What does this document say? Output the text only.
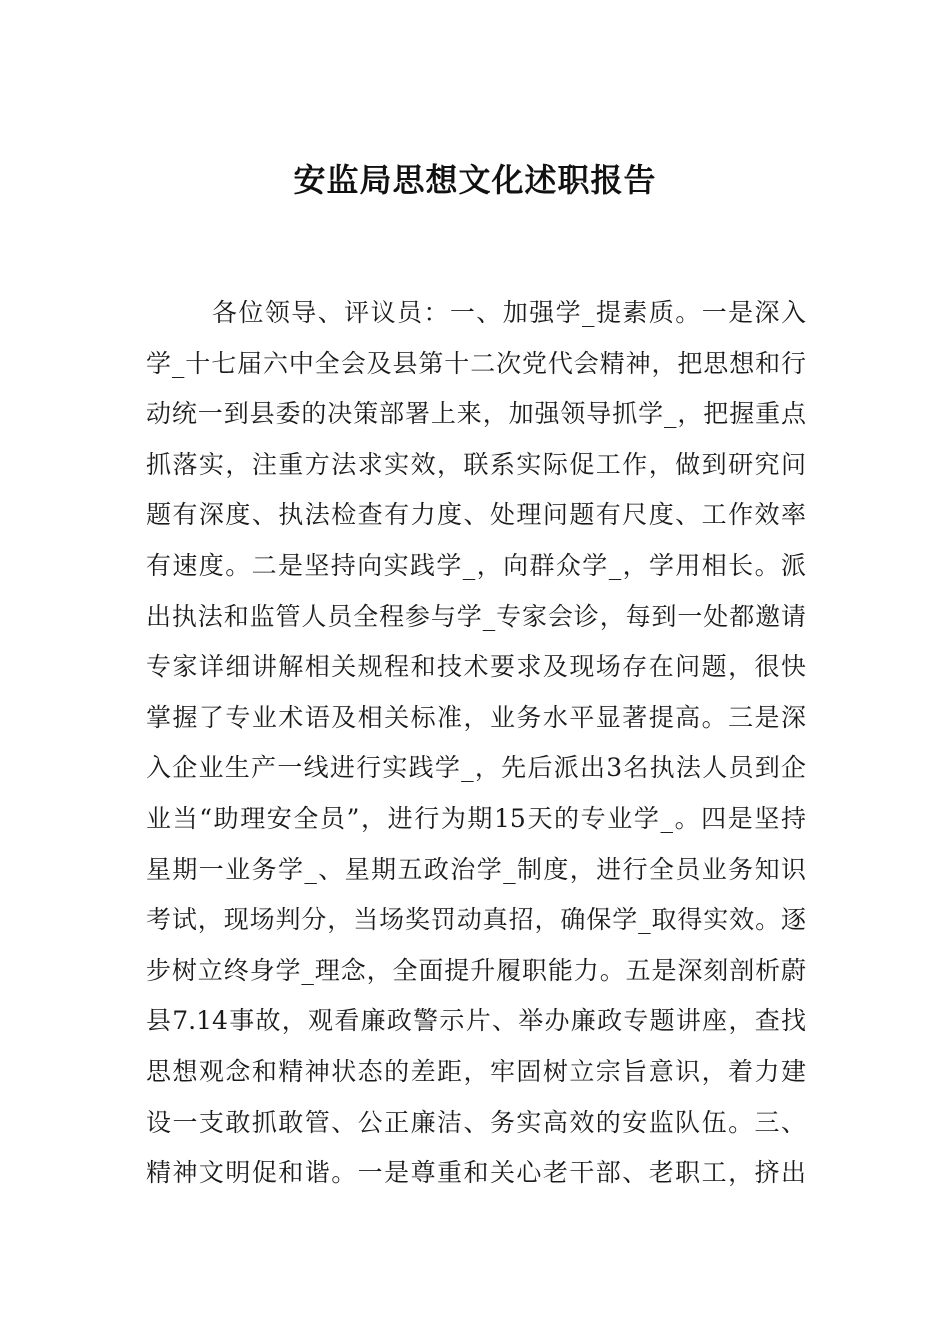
安监局思想文化述职报告
各位领导、评议员：一、加强学_提素质。一是深入
学_十七届六中全会及县第十二次党代会精神，把思想和行
动统一到县委的决策部署上来，加强领导抓学_，把握重点
抓落实，注重方法求实效，联系实际促工作，做到研究问
题有深度、执法检查有力度、处理问题有尺度、工作效率
有速度。二是坚持向实践学_，向群众学_，学用相长。派
出执法和监管人员全程参与学_专家会诊，每到一处都邀请
专家详细讲解相关规程和技术要求及现场存在问题，很快
掌握了专业术语及相关标准，业务水平显著提高。三是深
入企业生产一线进行实践学_，先后派出3名执法人员到企
业当“助理安全员”，进行为期15天的专业学_。四是坚持
星期一业务学_、星期五政治学_制度，进行全员业务知识
考试，现场判分，当场奖罚动真招，确保学_取得实效。逐
步树立终身学_理念，全面提升履职能力。五是深刻剖析蔚
县7.14事故，观看廉政警示片、举办廉政专题讲座，查找
思想观念和精神状态的差距，牢固树立宗旨意识，着力建
设一支敢抓敢管、公正廉洁、务实高效的安监队伍。三、
精神文明促和谐。一是尊重和关心老干部、老职工，挤出
